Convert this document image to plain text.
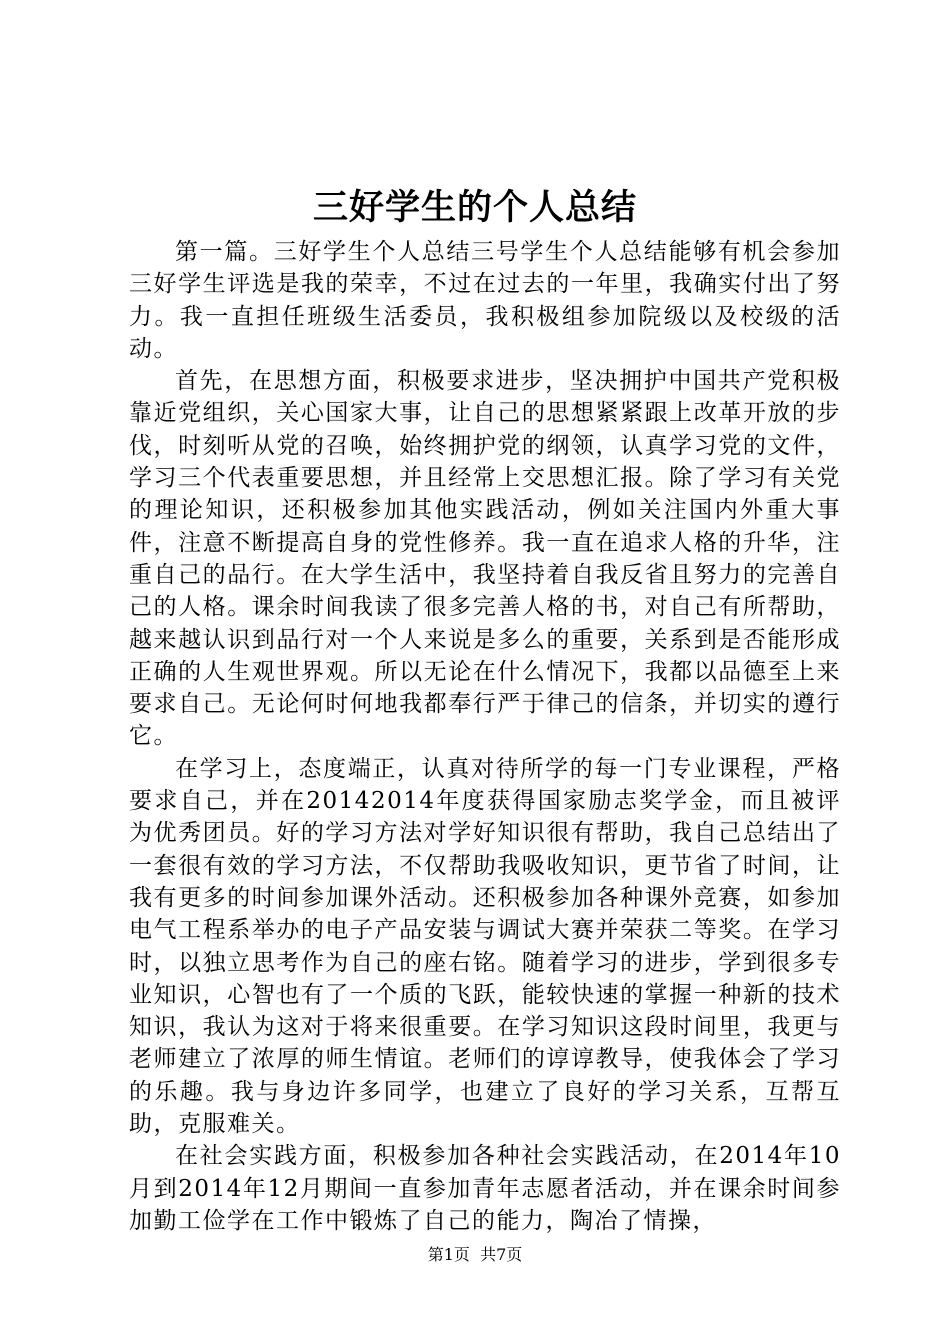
三好学生的个人总结

第一篇。三好学生个人总结三号学生个人总结能够有机会参加三好学生评选是我的荣幸，不过在过去的一年里，我确实付出了努力。我一直担任班级生活委员，我积极组参加院级以及校级的活动。

首先，在思想方面，积极要求进步，坚决拥护中国共产党积极靠近党组织，关心国家大事，让自己的思想紧紧跟上改革开放的步伐，时刻听从党的召唤，始终拥护党的纲领，认真学习党的文件，学习三个代表重要思想，并且经常上交思想汇报。除了学习有关党的理论知识，还积极参加其他实践活动，例如关注国内外重大事件，注意不断提高自身的党性修养。我一直在追求人格的升华，注重自己的品行。在大学生活中，我坚持着自我反省且努力的完善自己的人格。课余时间我读了很多完善人格的书，对自己有所帮助，越来越认识到品行对一个人来说是多么的重要，关系到是否能形成正确的人生观世界观。所以无论在什么情况下，我都以品德至上来要求自己。无论何时何地我都奉行严于律己的信条，并切实的遵行它。

在学习上，态度端正，认真对待所学的每一门专业课程，严格要求自己，并在20142014年度获得国家励志奖学金，而且被评为优秀团员。好的学习方法对学好知识很有帮助，我自己总结出了一套很有效的学习方法，不仅帮助我吸收知识，更节省了时间，让我有更多的时间参加课外活动。还积极参加各种课外竞赛，如参加电气工程系举办的电子产品安装与调试大赛并荣获二等奖。在学习时，以独立思考作为自己的座右铭。随着学习的进步，学到很多专业知识，心智也有了一个质的飞跃，能较快速的掌握一种新的技术知识，我认为这对于将来很重要。在学习知识这段时间里，我更与老师建立了浓厚的师生情谊。老师们的谆谆教导，使我体会了学习的乐趣。我与身边许多同学，也建立了良好的学习关系，互帮互助，克服难关。

在社会实践方面，积极参加各种社会实践活动，在2014年10月到2014年12月期间一直参加青年志愿者活动，并在课余时间参加勤工俭学在工作中锻炼了自己的能力，陶冶了情操，

第1页 共7页
